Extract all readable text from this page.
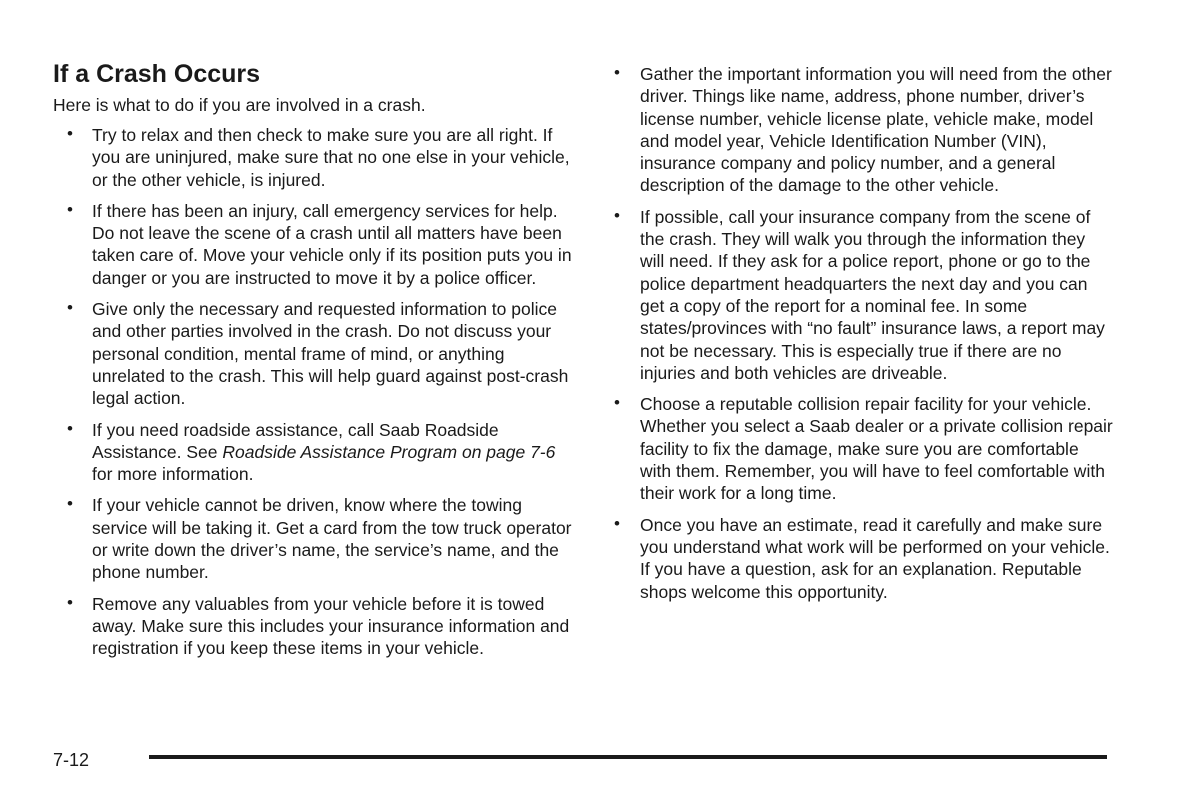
If a Crash Occurs

Here is what to do if you are involved in a crash.

• Try to relax and then check to make sure you are all right. If you are uninjured, make sure that no one else in your vehicle, or the other vehicle, is injured.
• If there has been an injury, call emergency services for help. Do not leave the scene of a crash until all matters have been taken care of. Move your vehicle only if its position puts you in danger or you are instructed to move it by a police officer.
• Give only the necessary and requested information to police and other parties involved in the crash. Do not discuss your personal condition, mental frame of mind, or anything unrelated to the crash. This will help guard against post-crash legal action.
• If you need roadside assistance, call Saab Roadside Assistance. See Roadside Assistance Program on page 7-6 for more information.
• If your vehicle cannot be driven, know where the towing service will be taking it. Get a card from the tow truck operator or write down the driver’s name, the service’s name, and the phone number.
• Remove any valuables from your vehicle before it is towed away. Make sure this includes your insurance information and registration if you keep these items in your vehicle.
• Gather the important information you will need from the other driver. Things like name, address, phone number, driver’s license number, vehicle license plate, vehicle make, model and model year, Vehicle Identification Number (VIN), insurance company and policy number, and a general description of the damage to the other vehicle.
• If possible, call your insurance company from the scene of the crash. They will walk you through the information they will need. If they ask for a police report, phone or go to the police department headquarters the next day and you can get a copy of the report for a nominal fee. In some states/provinces with “no fault” insurance laws, a report may not be necessary. This is especially true if there are no injuries and both vehicles are driveable.
• Choose a reputable collision repair facility for your vehicle. Whether you select a Saab dealer or a private collision repair facility to fix the damage, make sure you are comfortable with them. Remember, you will have to feel comfortable with their work for a long time.
• Once you have an estimate, read it carefully and make sure you understand what work will be performed on your vehicle. If you have a question, ask for an explanation. Reputable shops welcome this opportunity.
7-12
